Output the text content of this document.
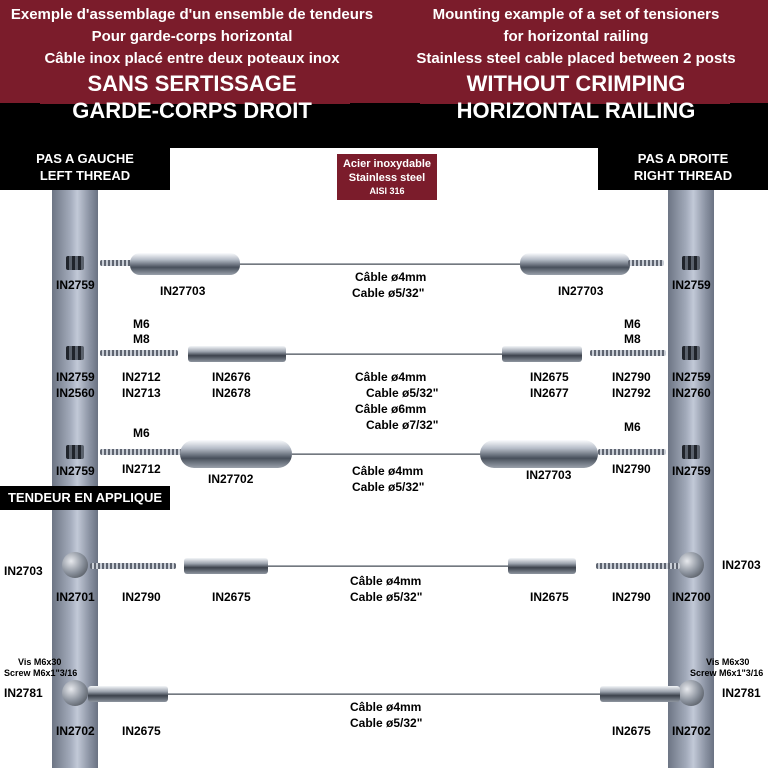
Exemple d'assemblage d'un ensemble de tendeurs
Pour garde-corps horizontal
Câble inox placé entre deux poteaux inox
SANS SERTISSAGE
GARDE-CORPS DROIT
Mounting example of a set of tensioners
for horizontal railing
Stainless steel cable placed between 2 posts
WITHOUT CRIMPING
HORIZONTAL RAILING
PAS A GAUCHE
LEFT THREAD
PAS A DROITE
RIGHT THREAD
Acier inoxydable
Stainless steel
AISI 316
IN2759	IN2759
IN27703	IN27703
Câble ø4mm
Cable ø5/32"
M6
M8
M6
M8
IN2759
IN2560
IN2759
IN2760
IN2712
IN2713
IN2676
IN2678
IN2675
IN2677
IN2790
IN2792
Câble ø4mm
Cable ø5/32"
Câble ø6mm
Cable ø7/32"
M6	M6
IN2759	IN2759
IN2712
IN27702	IN27703	IN2790
Câble ø4mm
Cable ø5/32"
TENDEUR EN APPLIQUE
IN2703	IN2703
IN2701	IN2700
IN2790	IN2675	IN2675	IN2790
Câble ø4mm
Cable ø5/32"
Vis M6x30
Screw M6x1"3/16
Vis M6x30
Screw M6x1"3/16
IN2781	IN2781
IN2702	IN2702
IN2675	IN2675
Câble ø4mm
Cable ø5/32"
